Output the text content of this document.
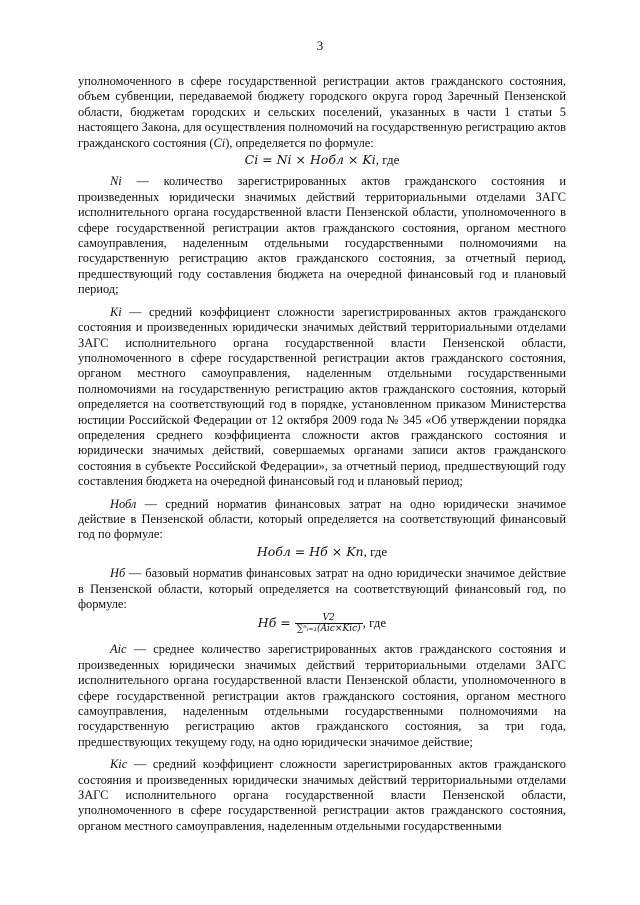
3

уполномоченного в сфере государственной регистрации актов гражданского состояния, объем субвенции, передаваемой бюджету городского округа город Заречный Пензенской области, бюджетам городских и сельских поселений, указанных в части 1 статьи 5 настоящего Закона, для осуществления полномочий на государственную регистрацию актов гражданского состояния (Сi), определяется по формуле:

Ci = Ni × Hобл × Ki, где

Ni — количество зарегистрированных актов гражданского состояния и произведенных юридически значимых действий территориальными отделами ЗАГС исполнительного органа государственной власти Пензенской области, уполномоченного в сфере государственной регистрации актов гражданского состояния, органом местного самоуправления, наделенным отдельными государственными полномочиями на государственную регистрацию актов гражданского состояния, за отчетный период, предшествующий году составления бюджета на очередной финансовый год и плановый период;

Ki — средний коэффициент сложности зарегистрированных актов гражданского состояния и произведенных юридически значимых действий территориальными отделами ЗАГС исполнительного органа государственной власти Пензенской области, уполномоченного в сфере государственной регистрации актов гражданского состояния, органом местного самоуправления, наделенным отдельными государственными полномочиями на государственную регистрацию актов гражданского состояния, который определяется на соответствующий год в порядке, установленном приказом Министерства юстиции Российской Федерации от 12 октября 2009 года № 345 «Об утверждении порядка определения среднего коэффициента сложности актов гражданского состояния и юридически значимых действий, совершаемых органами записи актов гражданского состояния в субъекте Российской Федерации», за отчетный период, предшествующий году составления бюджета на очередной финансовый год и плановый период;

Hобл — средний норматив финансовых затрат на одно юридически значимое действие в Пензенской области, который определяется на соответствующий финансовый год по формуле:

Hобл = Hб × Kп, где

Hб — базовый норматив финансовых затрат на одно юридически значимое действие в Пензенской области, который определяется на соответствующий финансовый год, по формуле:

Hб = $\frac{V2}{\text{∑ⁿᵢ₌₁(Aiс×Kiс)}}$ , где

Aiс — среднее количество зарегистрированных актов гражданского состояния и произведенных юридически значимых действий территориальными отделами ЗАГС исполнительного органа государственной власти Пензенской области, уполномоченного в сфере государственной регистрации актов гражданского состояния, органом местного самоуправления, наделенным отдельными государственными полномочиями на государственную регистрацию актов гражданского состояния, за три года, предшествующих текущему году, на одно юридически значимое действие;

Kiс — средний коэффициент сложности зарегистрированных актов гражданского состояния и произведенных юридически значимых действий территориальными отделами ЗАГС исполнительного органа государственной власти Пензенской области, уполномоченного в сфере государственной регистрации актов гражданского состояния, органом местного самоуправления, наделенным отдельными государственными
